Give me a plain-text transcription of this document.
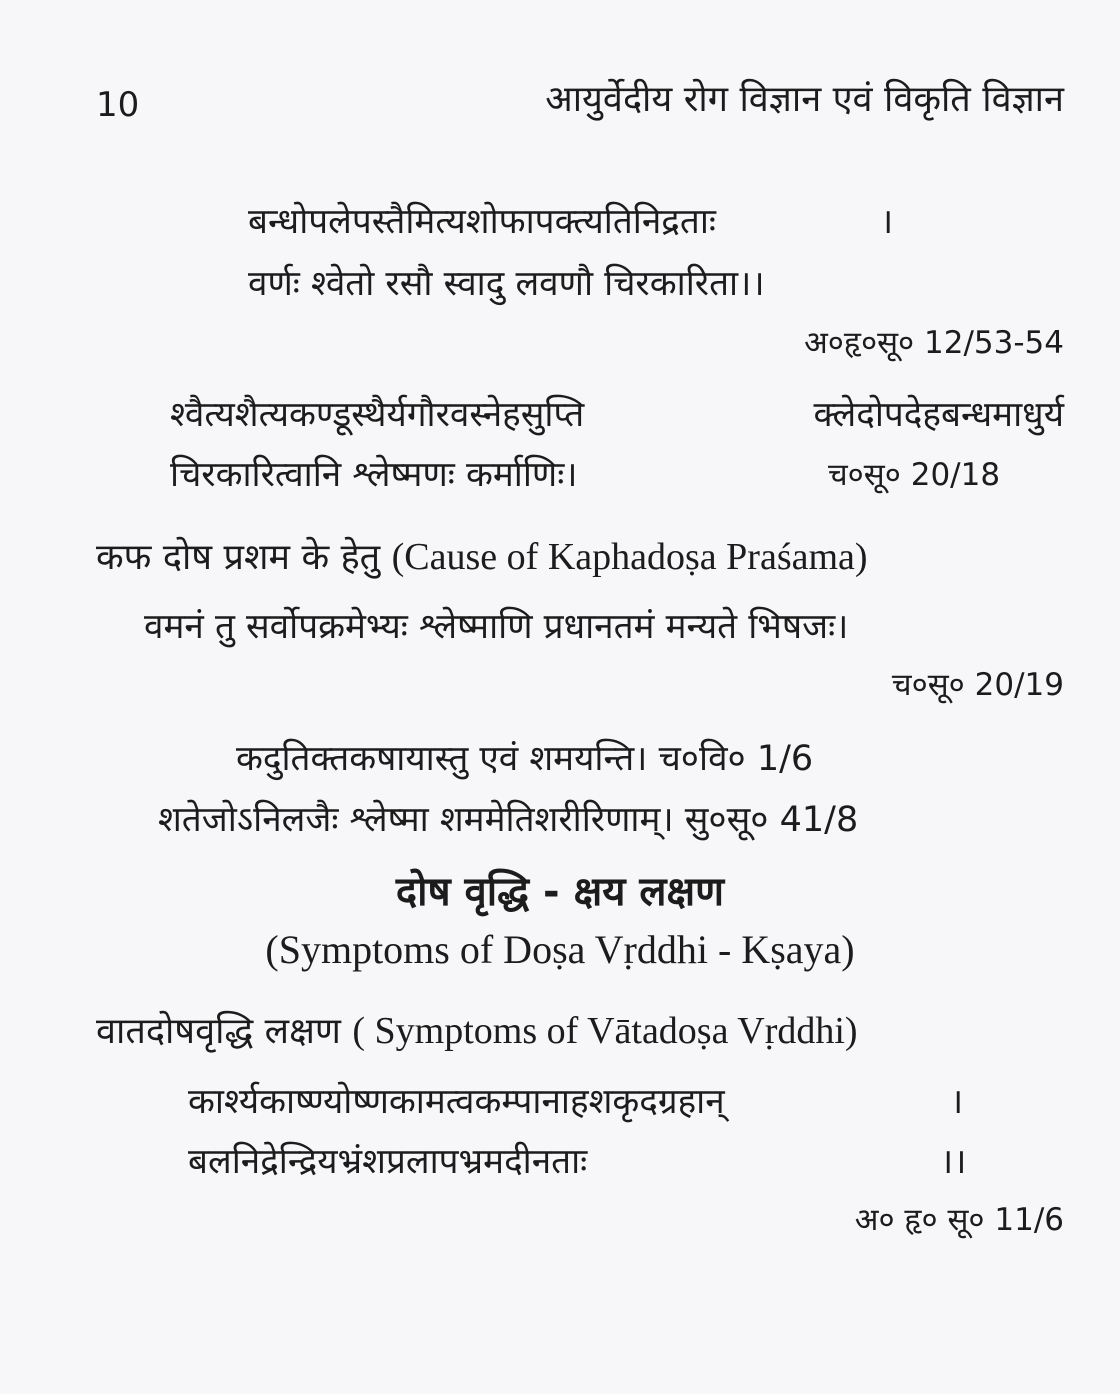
10	आयुर्वेदीय रोग विज्ञान एवं विकृति विज्ञान
बन्धोपलेपस्तैमित्यशोफापक्त्यतिनिद्रताः	।
वर्णः श्वेतो रसौ स्वादु लवणौ चिरकारिता।।
अ०हृ०सू० 12/53-54
श्वैत्यशैत्यकण्डूस्थैर्यगौरवस्नेहसुप्ति	क्लेदोपदेहबन्धमाधुर्य
चिरकारित्वानि श्लेष्मणः कर्माणिः।	च०सू० 20/18
कफ दोष प्रशम के हेतु (Cause of Kaphadoṣa Praśama)
वमनं तु सर्वोपक्रमेभ्यः श्लेष्माणि प्रधानतमं मन्यते भिषजः।
च०सू० 20/19
कदुतिक्तकषायास्तु एवं शमयन्ति। च०वि० 1/6
शतेजोऽनिलजैः श्लेष्मा शममेतिशरीरिणाम्। सु०सू० 41/8
दोष वृद्धि - क्षय लक्षण
(Symptoms of Doṣa Vṛddhi - Kṣaya)
वातदोषवृद्धि लक्षण ( Symptoms of Vātadoṣa Vṛddhi)
कार्श्यकाष्ण्योष्णकामत्वकम्पानाहशकृदग्रहान्	।
बलनिद्रेन्द्रियभ्रंशप्रलापभ्रमदीनताः	।।
अ० हृ० सू० 11/6
